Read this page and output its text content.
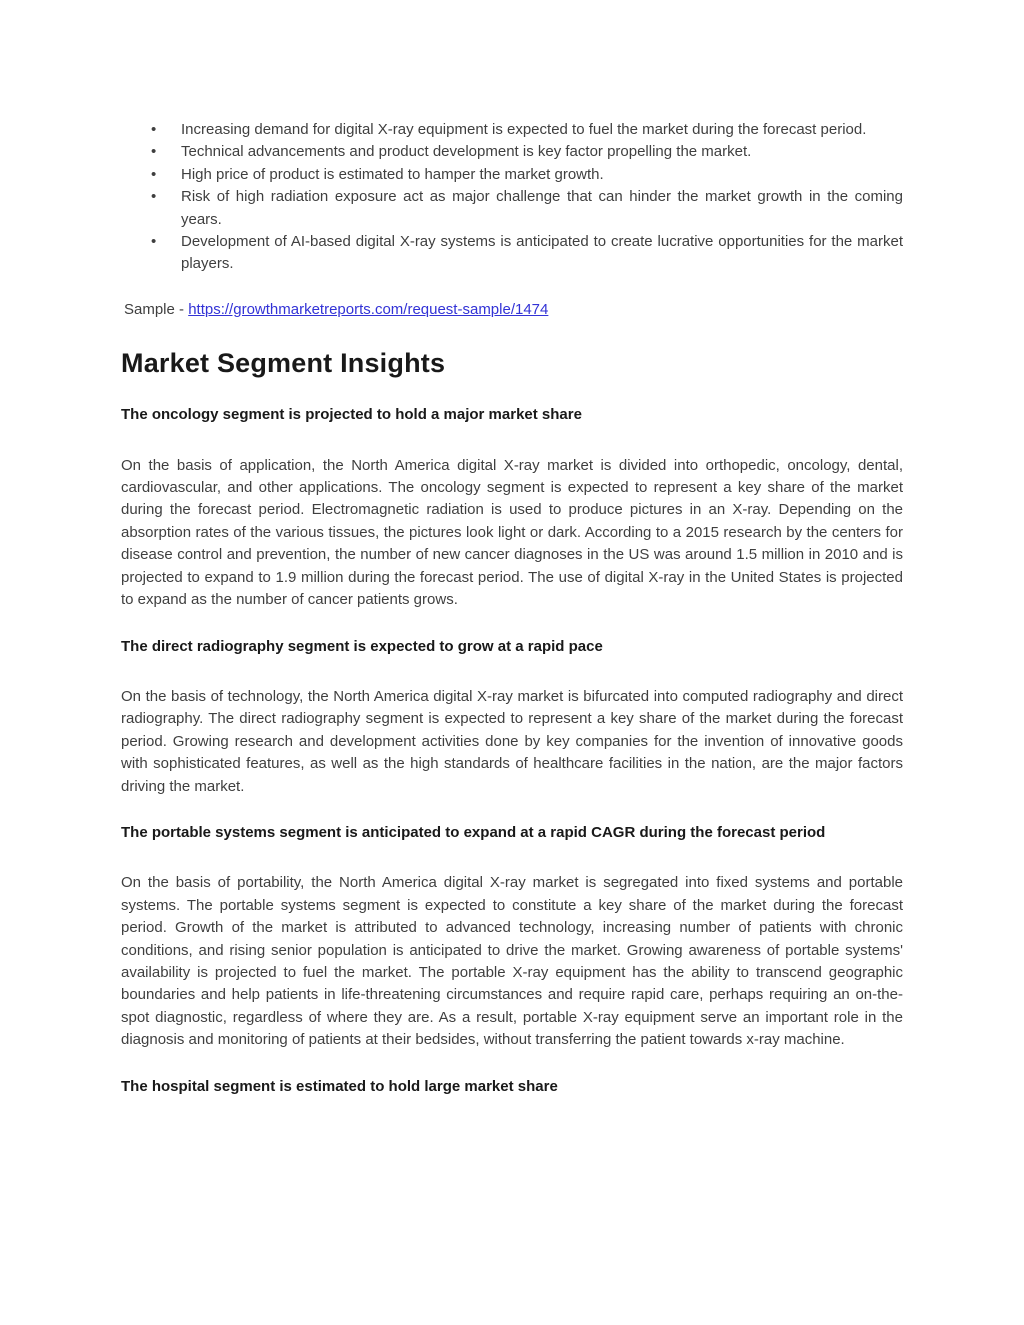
• Increasing demand for digital X-ray equipment is expected to fuel the market during the forecast period.
• Technical advancements and product development is key factor propelling the market.
• High price of product is estimated to hamper the market growth.
• Risk of high radiation exposure act as major challenge that can hinder the market growth in the coming years.
• Development of AI-based digital X-ray systems is anticipated to create lucrative opportunities for the market players.

Sample - https://growthmarketreports.com/request-sample/1474

Market Segment Insights
The oncology segment is projected to hold a major market share

On the basis of application, the North America digital X-ray market is divided into orthopedic, oncology, dental, cardiovascular, and other applications. The oncology segment is expected to represent a key share of the market during the forecast period. Electromagnetic radiation is used to produce pictures in an X-ray. Depending on the absorption rates of the various tissues, the pictures look light or dark. According to a 2015 research by the centers for disease control and prevention, the number of new cancer diagnoses in the US was around 1.5 million in 2010 and is projected to expand to 1.9 million during the forecast period. The use of digital X-ray in the United States is projected to expand as the number of cancer patients grows.

The direct radiography segment is expected to grow at a rapid pace

On the basis of technology, the North America digital X-ray market is bifurcated into computed radiography and direct radiography. The direct radiography segment is expected to represent a key share of the market during the forecast period. Growing research and development activities done by key companies for the invention of innovative goods with sophisticated features, as well as the high standards of healthcare facilities in the nation, are the major factors driving the market.

The portable systems segment is anticipated to expand at a rapid CAGR during the forecast period

On the basis of portability, the North America digital X-ray market is segregated into fixed systems and portable systems. The portable systems segment is expected to constitute a key share of the market during the forecast period. Growth of the market is attributed to advanced technology, increasing number of patients with chronic conditions, and rising senior population is anticipated to drive the market. Growing awareness of portable systems' availability is projected to fuel the market. The portable X-ray equipment has the ability to transcend geographic boundaries and help patients in life-threatening circumstances and require rapid care, perhaps requiring an on-the-spot diagnostic, regardless of where they are. As a result, portable X-ray equipment serve an important role in the diagnosis and monitoring of patients at their bedsides, without transferring the patient towards x-ray machine.

The hospital segment is estimated to hold large market share
